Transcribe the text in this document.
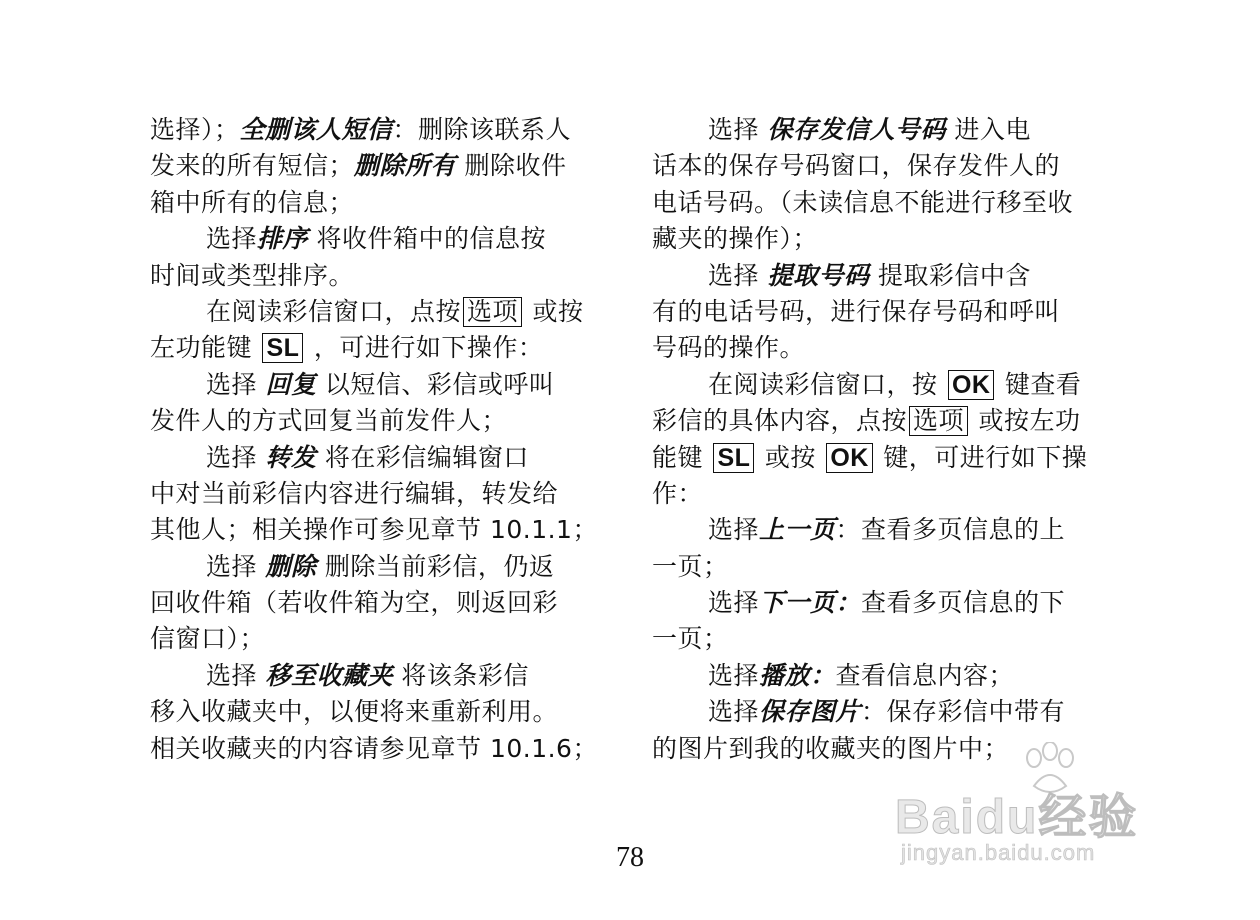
选择）；全删该人短信：删除该联系人
发来的所有短信；删除所有 删除收件
箱中所有的信息；
选择排序 将收件箱中的信息按
时间或类型排序。
在阅读彩信窗口，点按 选项 或按
左功能键 SL ，可进行如下操作：
选择 回复 以短信、彩信或呼叫
发件人的方式回复当前发件人；
选择 转发 将在彩信编辑窗口
中对当前彩信内容进行编辑，转发给
其他人；相关操作可参见章节 10.1.1；
选择 删除 删除当前彩信，仍返
回收件箱（若收件箱为空，则返回彩
信窗口）；
选择 移至收藏夹 将该条彩信
移入收藏夹中，以便将来重新利用。
相关收藏夹的内容请参见章节 10.1.6；
选择 保存发信人号码 进入电
话本的保存号码窗口，保存发件人的
电话号码。（未读信息不能进行移至收
藏夹的操作）；
选择 提取号码 提取彩信中含
有的电话号码，进行保存号码和呼叫
号码的操作。
在阅读彩信窗口，按 OK 键查看
彩信的具体内容，点按 选项 或按左功
能键 SL 或按 OK 键，可进行如下操
作：
选择上一页：查看多页信息的上
一页；
选择下一页：查看多页信息的下
一页；
选择播放：查看信息内容；
选择保存图片：保存彩信中带有
的图片到我的收藏夹的图片中；
78
Baidu经验
jingyan.baidu.com
